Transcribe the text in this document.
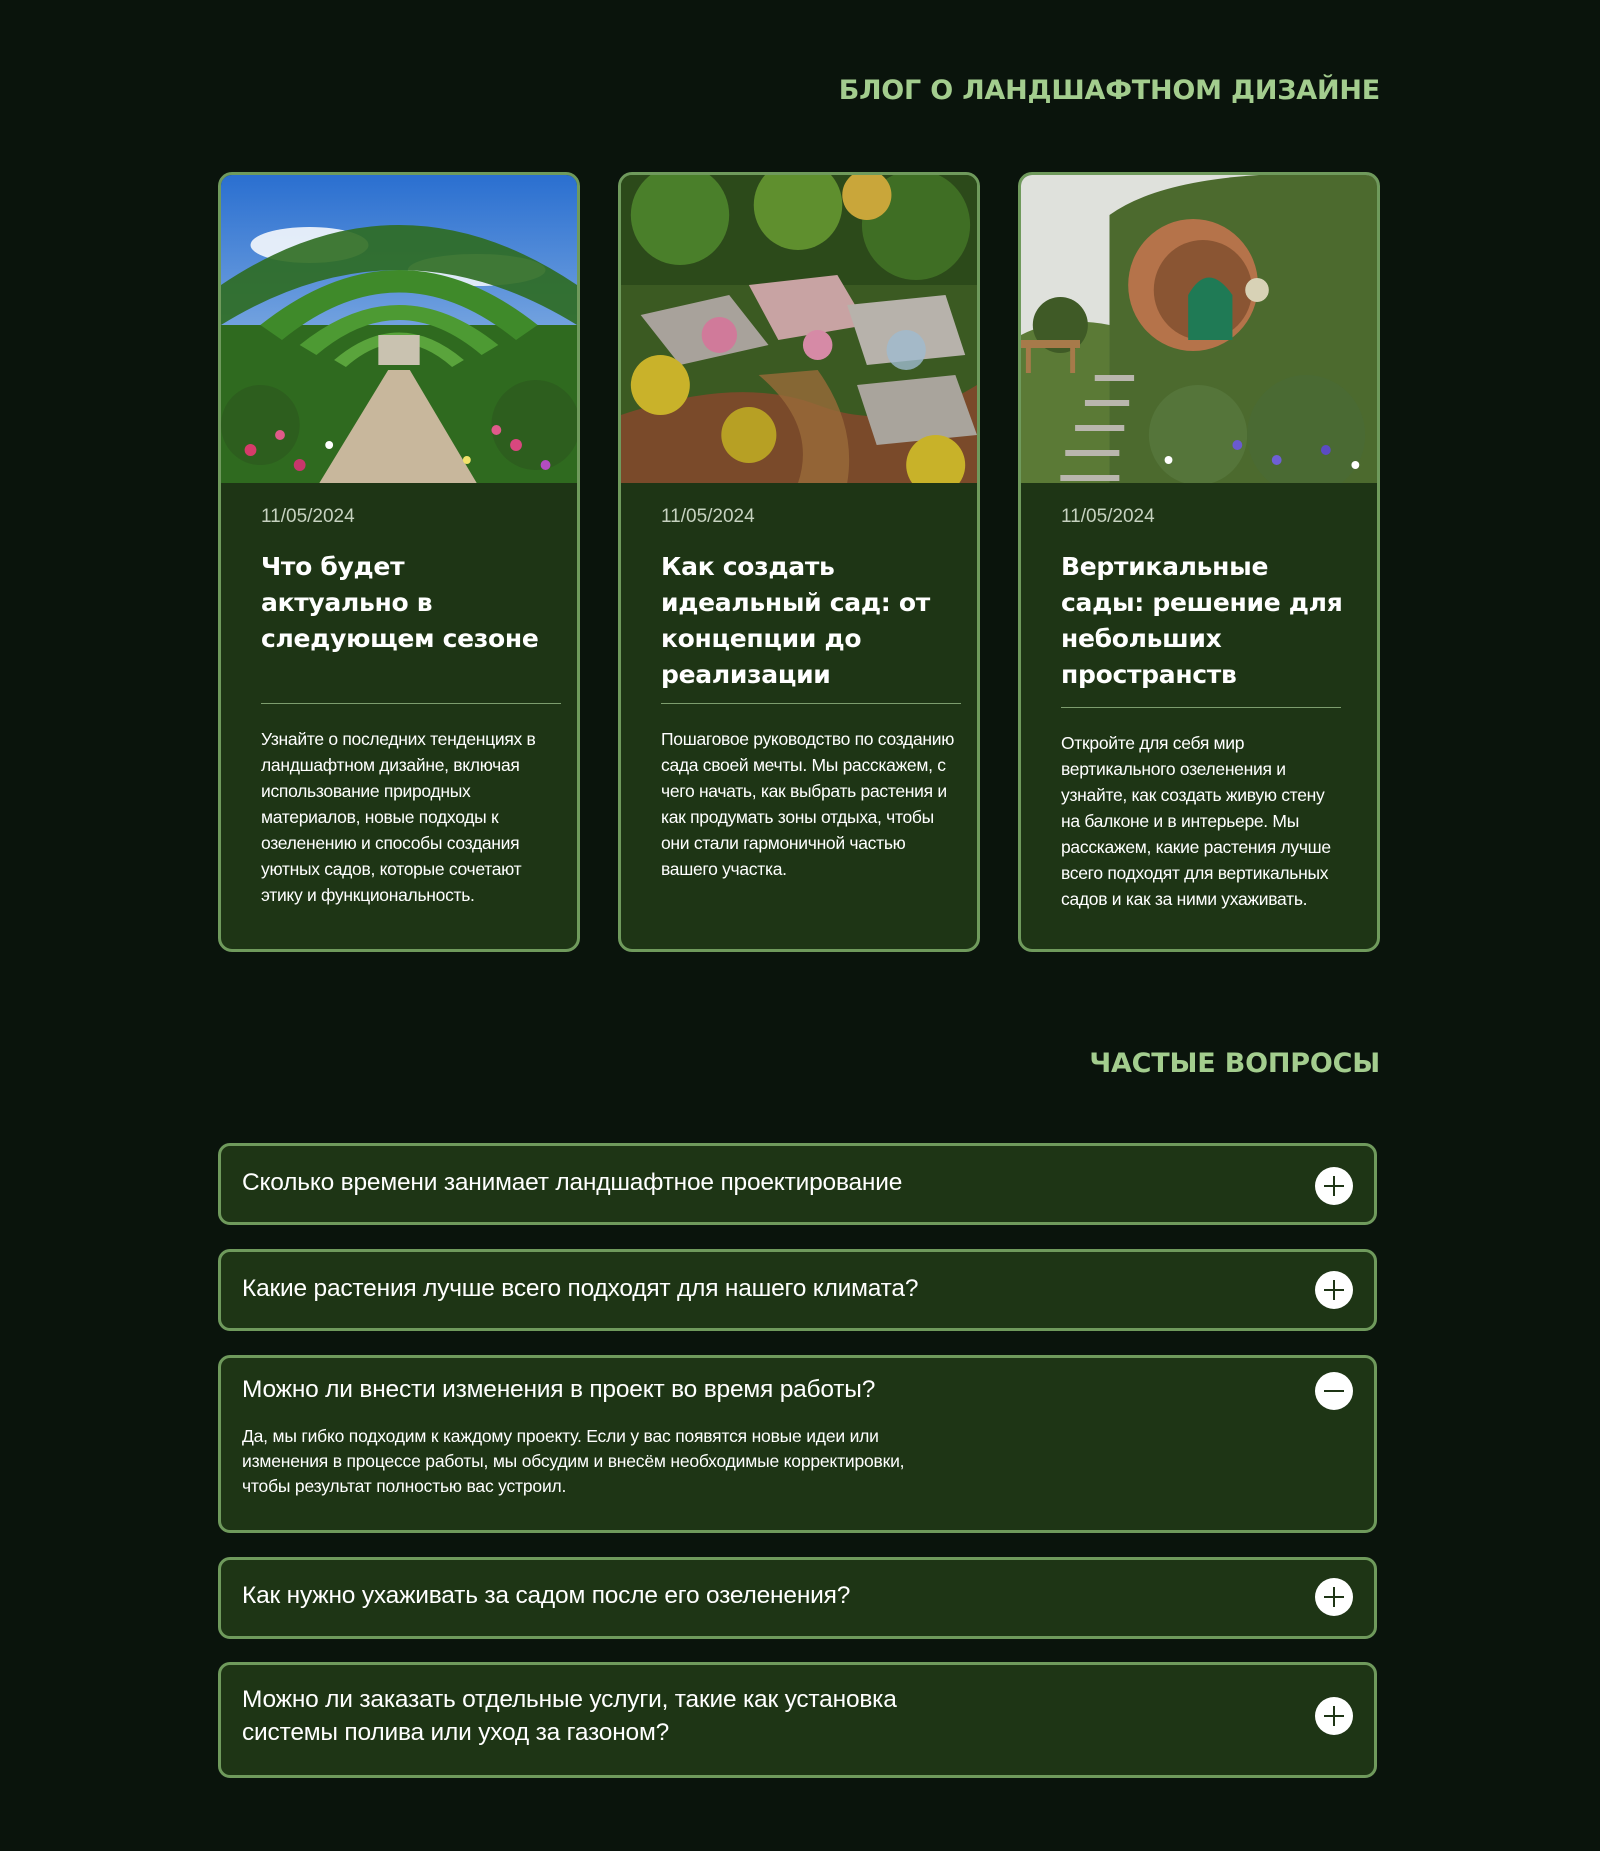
БЛОГ О ЛАНДШАФТНОМ ДИЗАЙНЕ
11/05/2024
Что будет актуально в следующем сезоне

Узнайте о последних тенденциях в ландшафтном дизайне, включая использование природных материалов, новые подходы к озеленению и способы создания уютных садов, которые сочетают этику и функциональность.

11/05/2024
Как создать идеальный сад: от концепции до реализации

Пошаговое руководство по созданию сада своей мечты. Мы расскажем, с чего начать, как выбрать растения и как продумать зоны отдыха, чтобы они стали гармоничной частью вашего участка.

11/05/2024
Вертикальные сады: решение для небольших пространств

Откройте для себя мир вертикального озеленения и узнайте, как создать живую стену на балконе и в интерьере. Мы расскажем, какие растения лучше всего подходят для вертикальных садов и как за ними ухаживать.

ЧАСТЫЕ ВОПРОСЫ
Сколько времени занимает ландшафтное проектирование
Какие растения лучше всего подходят для нашего климата?
Можно ли внести изменения в проект во время работы?

Да, мы гибко подходим к каждому проекту. Если у вас появятся новые идеи или изменения в процессе работы, мы обсудим и внесём необходимые корректировки, чтобы результат полностью вас устроил.

Как нужно ухаживать за садом после его озеленения?
Можно ли заказать отдельные услуги, такие как установка системы полива или уход за газоном?
